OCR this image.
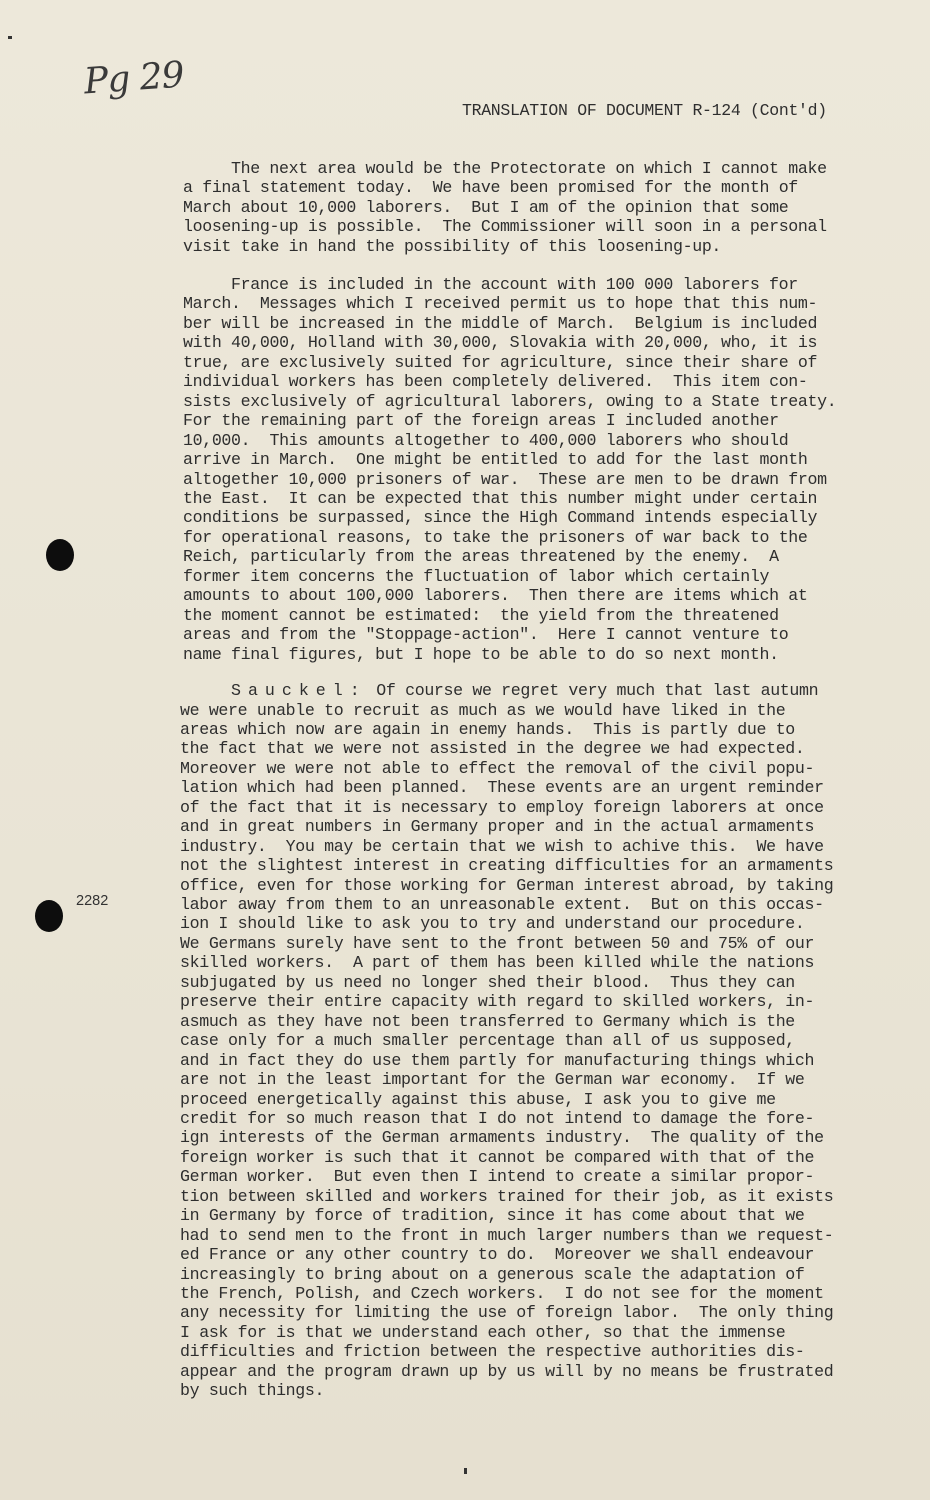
Pg 29
TRANSLATION OF DOCUMENT R-124 (Cont'd)
2282
The next area would be the Protectorate on which I cannot make
a final statement today.  We have been promised for the month of
March about 10,000 laborers.  But I am of the opinion that some
loosening-up is possible.  The Commissioner will soon in a personal
visit take in hand the possibility of this loosening-up.
France is included in the account with 100 000 laborers for
March.  Messages which I received permit us to hope that this num-
ber will be increased in the middle of March.  Belgium is included
with 40,000, Holland with 30,000, Slovakia with 20,000, who, it is
true, are exclusively suited for agriculture, since their share of
individual workers has been completely delivered.  This item con-
sists exclusively of agricultural laborers, owing to a State treaty.
For the remaining part of the foreign areas I included another
10,000.  This amounts altogether to 400,000 laborers who should
arrive in March.  One might be entitled to add for the last month
altogether 10,000 prisoners of war.  These are men to be drawn from
the East.  It can be expected that this number might under certain
conditions be surpassed, since the High Command intends especially
for operational reasons, to take the prisoners of war back to the
Reich, particularly from the areas threatened by the enemy.  A
former item concerns the fluctuation of labor which certainly
amounts to about 100,000 laborers.  Then there are items which at
the moment cannot be estimated:  the yield from the threatened
areas and from the "Stoppage-action".  Here I cannot venture to
name final figures, but I hope to be able to do so next month.
Sauckel: Of course we regret very much that last autumn
we were unable to recruit as much as we would have liked in the
areas which now are again in enemy hands.  This is partly due to
the fact that we were not assisted in the degree we had expected.
Moreover we were not able to effect the removal of the civil popu-
lation which had been planned.  These events are an urgent reminder
of the fact that it is necessary to employ foreign laborers at once
and in great numbers in Germany proper and in the actual armaments
industry.  You may be certain that we wish to achive this.  We have
not the slightest interest in creating difficulties for an armaments
office, even for those working for German interest abroad, by taking
labor away from them to an unreasonable extent.  But on this occas-
ion I should like to ask you to try and understand our procedure.
We Germans surely have sent to the front between 50 and 75% of our
skilled workers.  A part of them has been killed while the nations
subjugated by us need no longer shed their blood.  Thus they can
preserve their entire capacity with regard to skilled workers, in-
asmuch as they have not been transferred to Germany which is the
case only for a much smaller percentage than all of us supposed,
and in fact they do use them partly for manufacturing things which
are not in the least important for the German war economy.  If we
proceed energetically against this abuse, I ask you to give me
credit for so much reason that I do not intend to damage the fore-
ign interests of the German armaments industry.  The quality of the
foreign worker is such that it cannot be compared with that of the
German worker.  But even then I intend to create a similar propor-
tion between skilled and workers trained for their job, as it exists
in Germany by force of tradition, since it has come about that we
had to send men to the front in much larger numbers than we request-
ed France or any other country to do.  Moreover we shall endeavour
increasingly to bring about on a generous scale the adaptation of
the French, Polish, and Czech workers.  I do not see for the moment
any necessity for limiting the use of foreign labor.  The only thing
I ask for is that we understand each other, so that the immense
difficulties and friction between the respective authorities dis-
appear and the program drawn up by us will by no means be frustrated
by such things.
